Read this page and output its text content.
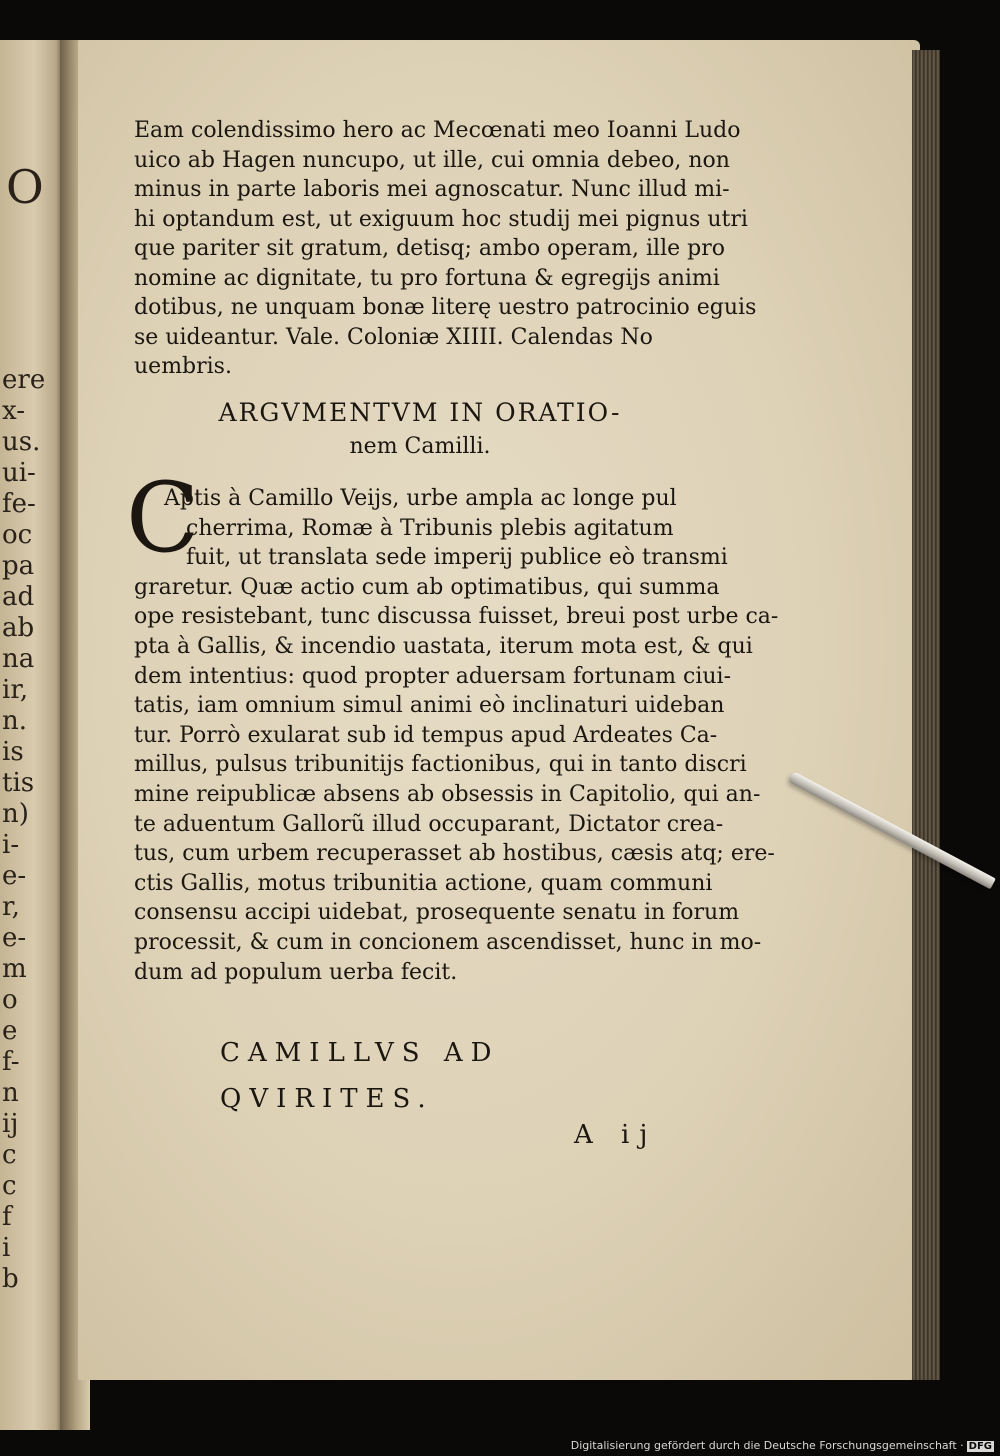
O
ere
x-
us.
ui-
fe-
oc
pa
ad
ab
na
ir,
n.
is
tis
n)
i-
e-
r,
e-
m
o
e
f-
n
ij
c
c
f
i
b

Eam colendissimo hero ac Mecœnati meo Ioanni Ludo

uico ab Hagen nuncupo, ut ille, cui omnia debeo, non

minus in parte laboris mei agnoscatur. Nunc illud mi-

hi optandum est, ut exiguum hoc studij mei pignus utri

que pariter sit gratum, detisq; ambo operam, ille pro

nomine ac dignitate, tu pro fortuna & egregijs animi

dotibus, ne unquam bonæ literę uestro patrocinio eguis

se uideantur. Vale. Coloniæ XIIII. Calendas No

uembris.

ARGVMENTVM IN ORATIO-
nem Camilli.
C

Aptis à Camillo Veijs, urbe ampla ac longe pul

cherrima, Romæ à Tribunis plebis agitatum

fuit, ut translata sede imperij publice eò transmi

graretur. Quæ actio cum ab optimatibus, qui summa

ope resistebant, tunc discussa fuisset, breui post urbe ca-

pta à Gallis, & incendio uastata, iterum mota est, & qui

dem intentius: quod propter aduersam fortunam ciui-

tatis, iam omnium simul animi eò inclinaturi uideban

tur. Porrò exularat sub id tempus apud Ardeates Ca-

millus, pulsus tribunitijs factionibus, qui in tanto discri

mine reipublicæ absens ab obsessis in Capitolio, qui an-

te aduentum Gallorũ illud occuparant, Dictator crea-

tus, cum urbem recuperasset ab hostibus, cæsis atq; ere-

ctis Gallis, motus tribunitia actione, quam communi

consensu accipi uidebat, prosequente senatu in forum

processit, & cum in concionem ascendisset, hunc in mo-

dum ad populum uerba fecit.

CAMILLVS AD
QVIRITES.
A ij
Digitalisierung gefördert durch die Deutsche Forschungsgemeinschaft · DFG
